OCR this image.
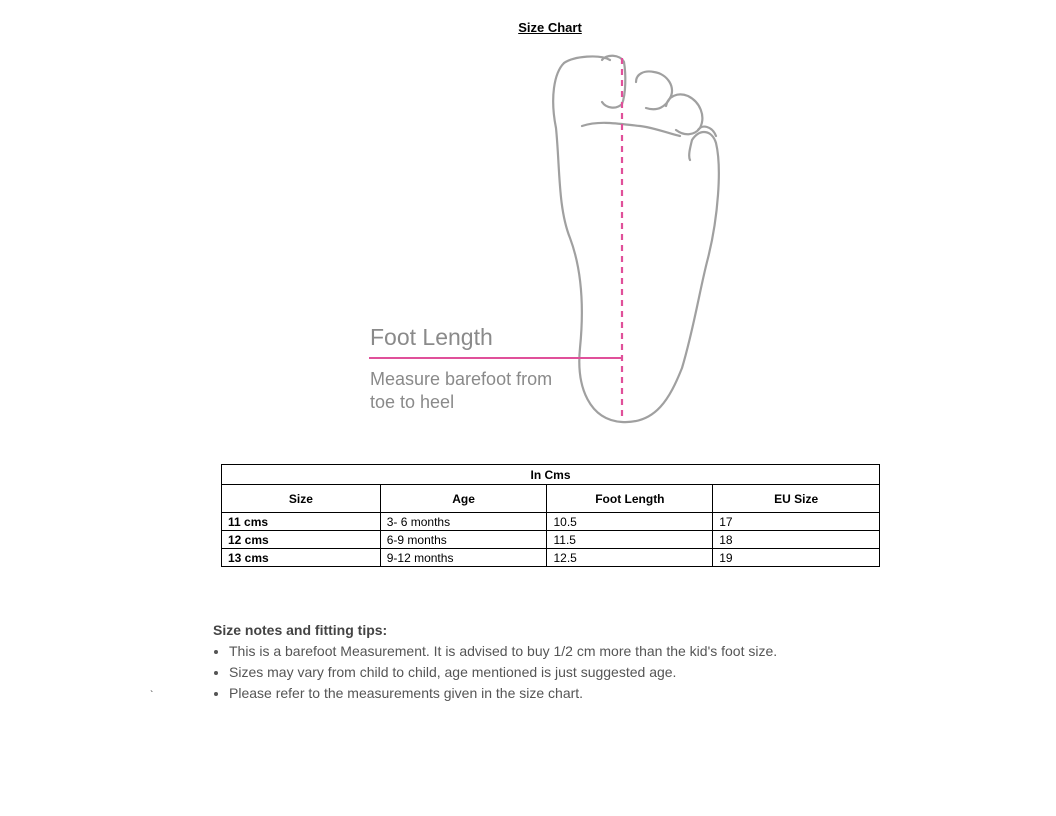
Size Chart
Foot Length
Measure barefoot from
toe to heel
In Cms			
Size	Age	Foot Length	EU Size
11 cms	3- 6 months	10.5	17
12 cms	6-9 months	11.5	18
13 cms	9-12 months	12.5	19
Size notes and fitting tips:
• This is a barefoot Measurement. It is advised to buy 1/2 cm more than the kid's foot size.
• Sizes may vary from child to child, age mentioned is just suggested age.
• Please refer to the measurements given in the size chart.
`
